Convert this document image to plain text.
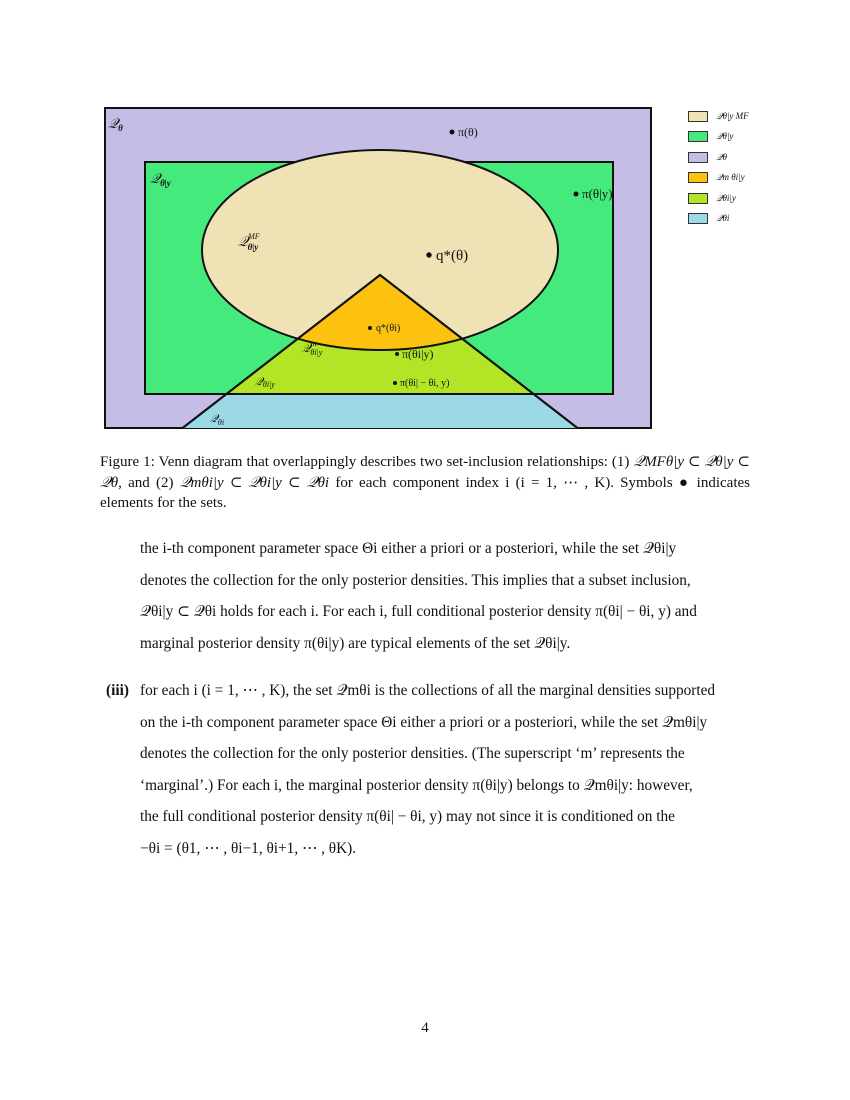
𝒬$_\theta$
𝒬$_{\theta|y}$
𝒬$^{MF}$ θ|y
𝒬$^m$ θi|y
𝒬θi|y
𝒬$_{\theta i}$
π(θ)
π(θ|y)
q*(θ)
q*(θi)
π(θi|y)
π(θi| − θi, y)
𝒬θ|y MF
𝒬θ|y
𝒬θ
𝒬m θi|y
𝒬θi|y
𝒬θi
Figure 1: Venn diagram that overlappingly describes two set-inclusion relationships: (1) 𝒬MFθ|y ⊂ 𝒬θ|y ⊂ 𝒬θ, and (2) 𝒬mθi|y ⊂ 𝒬θi|y ⊂ 𝒬θi for each component index i (i = 1, ⋯ , K). Symbols ● indicates elements for the sets.
the i-th component parameter space Θi either a priori or a posteriori, while the set 𝒬θi|y
denotes the collection for the only posterior densities. This implies that a subset inclusion,
𝒬θi|y ⊂ 𝒬θi holds for each i. For each i, full conditional posterior density π(θi| − θi, y) and
marginal posterior density π(θi|y) are typical elements of the set 𝒬θi|y.
(iii) for each i (i = 1, ⋯ , K), the set 𝒬mθi is the collections of all the marginal densities supported
on the i-th component parameter space Θi either a priori or a posteriori, while the set 𝒬mθi|y
denotes the collection for the only posterior densities. (The superscript ‘m’ represents the
‘marginal’.) For each i, the marginal posterior density π(θi|y) belongs to 𝒬mθi|y: however,
the full conditional posterior density π(θi| − θi, y) may not since it is conditioned on the
−θi = (θ1, ⋯ , θi−1, θi+1, ⋯ , θK).
4
